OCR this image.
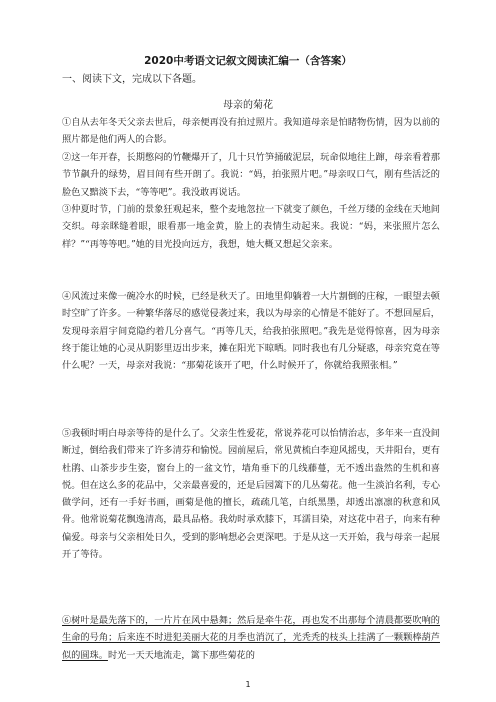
2020中考语文记叙文阅读汇编一（含答案）
一、阅读下文，完成以下各题。
母亲的菊花

①自从去年冬天父亲去世后，母亲便再没有拍过照片。我知道母亲是怕睹物伤情，因为以前的照片都是他们两人的合影。

②这一年开春，长期憋闷的竹鞭爆开了，几十只竹笋捅破泥层，玩命似地往上蹿，母亲看着那节节飙升的绿势，眉目间有些开朗了。我说：“妈，拍张照片吧。”母亲叹口气，刚有些活泛的脸色又黯淡下去，“等等吧”。我没敢再说话。

③仲夏时节，门前的景象狂观起来，整个麦地忽拉一下就变了颜色，千丝万缕的金线在天地间交织。母亲眯缝着眼，眼看那一地金黄，脸上的表情生动起来。我说：“妈，来张照片怎么样？”“再等等吧。”她的目光投向远方，我想，她大概又想起父亲来。

④风流过来像一碗冷水的时候，已经是秋天了。田地里仰躺着一大片割倒的庄稼，一眼望去顿时空旷了许多。一种繁华落尽的感觉侵袭过来，我以为母亲的心情是不能好了。不想回屋后，发现母亲眉宇间竟隐约着几分喜气。“再等几天，给我拍张照吧。”我先是觉得惊喜，因为母亲终于能让她的心灵从阴影里迈出步来，摊在阳光下晾晒。同时我也有几分疑惑，母亲究竟在等什么呢？一天，母亲对我说：“那菊花该开了吧，什么时候开了，你就给我照张相。”

⑤我顿时明白母亲等待的是什么了。父亲生性爱花，常说养花可以怡情治志，多年来一直没间断过，倒给我们带来了许多清芬和愉悦。园前屋后，常见黄梳白李迎风摇曳，天井阳台，更有杜鹃、山茶步步生姿，窗台上的一盆文竹，墙角垂下的几线藤蔓，无不透出盎然的生机和喜悦。但在这么多的花品中，父亲最喜爱的，还是后园篱下的几丛菊花。他一生淡泊名利，专心做学问，还有一手好书画，画菊是他的擅长，疏疏几笔，白纸黑墨，却透出凛凛的秋意和风骨。他常说菊花飘逸清高，最具品格。我幼时承欢膝下，耳濡目染，对这花中君子，向来有种偏爱。母亲与父亲相处日久，受到的影响想必会更深吧。于是从这一天开始，我与母亲一起展开了等待。

⑥树叶是最先落下的，一片片在风中悬舞；然后是牵牛花，再也发不出那每个清晨都要吹响的生命的号角；后来连不时进犯美丽大花的月季也消沉了，光秃秃的枝头上挂满了一颗颗棒葫芦似的圆珠。时光一天天地流走，篱下那些菊花的

1
